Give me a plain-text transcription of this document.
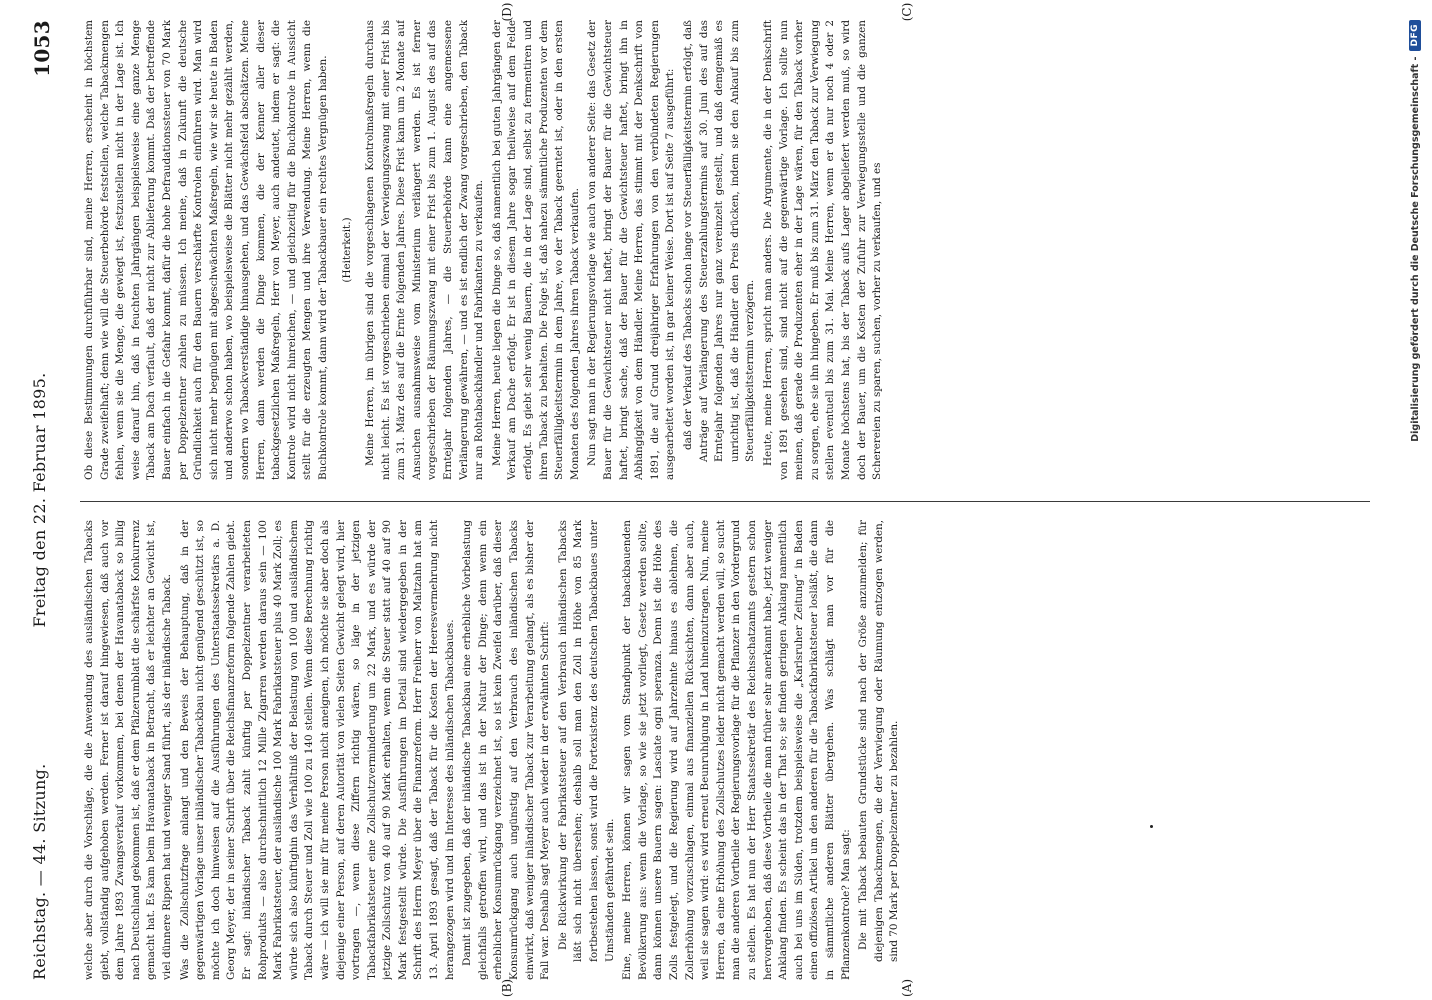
Reichstag. — 44. Sitzung.
Freitag den 22. Februar 1895.
1053

welche aber durch die Vorschläge, die die Anwendung des ausländischen Tabacks giebt, vollständig aufgehoben werden. Ferner ist darauf hingewiesen, daß auch vor dem Jahre 1893 Zwangsverkauf vorkommen, bei denen der Havanataback so billig nach Deutschland gekommen ist, daß er dem Pfälzerumblatt die schärfste Konkurrenz gemacht hat. Es kam beim Havanataback in Betracht, daß er leichter an Gewicht ist, viel dünnere Rippen hat und weniger Sand führt, als der inländische Taback. Was die Zollschutzfrage anlangt und den Beweis der Behauptung, daß in der gegenwärtigen Vorlage unser inländischer Tabackbau nicht genügend geschützt ist, so möchte ich doch hinweisen auf die Ausführungen des Unterstaatssekretärs a. D. Georg Meyer, der in seiner Schrift über die Reichsfinanzreform folgende Zahlen giebt. Er sagt: inländischer Taback zahlt künftig per Doppelzentner verarbeiteten Rohprodukts — also durchschnittlich 12 Mille Zigarren werden daraus sein — 100 Mark Fabrikatsteuer, der ausländische 100 Mark Fabrikatsteuer plus 40 Mark Zoll; es würde sich also künftighin das Verhältniß der Belastung von 100 und ausländischem Taback durch Steuer und Zoll wie 100 zu 140 stellen. Wenn diese Berechnung richtig wäre — ich will sie mir für meine Person nicht aneignen, ich möchte sie aber doch als diejenige einer Person, auf deren Autorität von vielen Seiten Gewicht gelegt wird, hier vortragen —, wenn diese Ziffern richtig wären, so läge in der jetzigen Tabackfabrikatsteuer eine Zollschutzverminderung um 22 Mark, und es würde der jetzige Zollschutz von 40 auf 90 Mark erhalten, wenn die Steuer statt auf 40 auf 90 Mark festgestellt würde. Die Ausführungen im Detail sind wiedergegeben in der Schrift des Herrn Meyer über die Finanzreform. Herr Freiherr von Maltzahn hat am 13. April 1893 gesagt, daß der Taback für die Kosten der Heeresvermehrung nicht herangezogen wird und im Interesse des inländischen Tabackbaues. Damit ist zugegeben, daß der inländische Tabackbau eine erhebliche Vorbelastung gleichfalls getroffen wird, und das ist in der Natur der Dinge; denn wenn ein erheblicher Konsumrückgang verzeichnet ist, so ist kein Zweifel darüber, daß dieser Konsumrückgang auch ungünstig auf den Verbrauch des inländischen Tabacks einwirkt, daß weniger inländischer Taback zur Verarbeitung gelangt, als es bisher der Fall war. Deshalb sagt Meyer auch wieder in der erwähnten Schrift: Die Rückwirkung der Fabrikatsteuer auf den Verbrauch inländischen Tabacks läßt sich nicht übersehen; deshalb soll man den Zoll in Höhe von 85 Mark fortbestehen lassen, sonst wird die Fortexistenz des deutschen Tabackbaues unter Umständen gefährdet sein. Eine, meine Herren, können wir sagen vom Standpunkt der tabackbauenden Bevölkerung aus: wenn die Vorlage, so wie sie jetzt vorliegt, Gesetz werden sollte, dann können unsere Bauern sagen: Lasciate ogni speranza. Denn ist die Höhe des Zolls festgelegt, und die Regierung wird auf Jahrzehnte hinaus es ablehnen, die Zollerhöhung vorzuschlagen, einmal aus finanziellen Rücksichten, dann aber auch, weil sie sagen wird: es wird erneut Beunruhigung in Land hineinzutragen. Nun, meine Herren, da eine Erhöhung des Zollschutzes leider nicht gemacht werden will, so sucht man die anderen Vortheile der Regierungsvorlage für die Pflanzer in den Vordergrund zu stellen. Es hat nun der Herr Staatssekretär des Reichsschatzamts gestern schon hervorgehoben, daß diese Vortheile die man früher sehr anerkannt habe, jetzt weniger Anklang finden. Es scheint das in der That so; sie finden geringen Anklang namentlich auch bei uns im Süden, trotzdem beispielsweise die „Karlsruher Zeitung“ in Baden einen offiziösen Artikel um den anderen für die Tabackfabrikatsteuer losläßt, die dann in sämmtliche anderen Blätter übergehen. Was schlägt man vor für die Pflanzenkontrole? Man sagt: Die mit Taback bebauten Grundstücke sind nach der Größe anzumelden; für diejenigen Tabackmengen, die der Verwiegung oder Räumung entzogen werden, sind 70 Mark per Doppelzentner zu bezahlen.

Ob diese Bestimmungen durchführbar sind, meine Herren, erscheint in höchstem Grade zweifelhaft; denn wie will die Steuerbehörde feststellen, welche Tabackmengen fehlen, wenn sie die Menge, die gewiegt ist, festzustellen nicht in der Lage ist. Ich weise darauf hin, daß in feuchten Jahrgängen beispielsweise eine ganze Menge Taback am Dach verfault, daß der nicht zur Ablieferung kommt. Daß der betreffende Bauer einfach in die Gefahr kommt, dafür die hohe Defraudationssteuer von 70 Mark per Doppelzentner zahlen zu müssen. Ich meine, daß in Zukunft die deutsche Gründlichkeit auch für den Bauern verschärfte Kontrolen einführen wird. Man wird sich nicht mehr begnügen mit abgeschwächten Maßregeln, wie wir sie heute in Baden und anderwo schon haben, wo beispielsweise die Blätter nicht mehr gezählt werden, sondern wo Tabackverständige hinausgehen, und das Gewächsfeld abschätzen. Meine Herren, dann werden die Dinge kommen, die der Kenner aller dieser tabackgesetzlichen Maßregeln, Herr von Meyer, auch andeutet, indem er sagt: die Kontrole wird nicht hinreichen, — und gleichzeitig für die Buchkontrole in Aussicht stellt für die erzeugten Mengen und ihre Verwendung. Meine Herren, wenn die Buchkontrole kommt, dann wird der Tabackbauer ein rechtes Vergnügen haben. (Heiterkeit.) Meine Herren, im übrigen sind die vorgeschlagenen Kontrolmaßregeln durchaus nicht leicht. Es ist vorgeschrieben einmal der Verwiegungszwang mit einer Frist bis zum 31. März des auf die Ernte folgenden Jahres. Diese Frist kann um 2 Monate auf Ansuchen ausnahmsweise vom Ministerium verlängert werden. Es ist ferner vorgeschrieben der Räumungszwang mit einer Frist bis zum 1. August des auf das Erntejahr folgenden Jahres, — die Steuerbehörde kann eine angemessene Verlängerung gewähren, — und es ist endlich der Zwang vorgeschrieben, den Taback nur an Rohtabackhändler und Fabrikanten zu verkaufen. Meine Herren, heute liegen die Dinge so, daß namentlich bei guten Jahrgängen der Verkauf am Dache erfolgt. Er ist in diesem Jahre sogar theilweise auf dem Felde erfolgt. Es giebt sehr wenig Bauern, die in der Lage sind, selbst zu fermentiren und ihren Taback zu behalten. Die Folge ist, daß nahezu sämmtliche Produzenten vor dem Steuerfälligkeitstermin in dem Jahre, wo der Taback geerntet ist, oder in den ersten Monaten des folgenden Jahres ihren Taback verkaufen. Nun sagt man in der Regierungsvorlage wie auch von anderer Seite: das Gesetz der Bauer für die Gewichtsteuer nicht haftet, bringt der Bauer für die Gewichtsteuer haftet, bringt sache, daß der Bauer für die Gewichtsteuer haftet, bringt ihn in Abhängigkeit von dem Händler. Meine Herren, das stimmt mit der Denkschrift von 1891, die auf Grund dreijähriger Erfahrungen von den verbündeten Regierungen ausgearbeitet worden ist, in gar keiner Weise. Dort ist auf Seite 7 ausgeführt: daß der Verkauf des Tabacks schon lange vor Steuerfälligkeitstermin erfolgt, daß Anträge auf Verlängerung des Steuerzahlungstermins auf 30. Juni des auf das Erntejahr folgenden Jahres nur ganz vereinzelt gestellt, und daß demgemäß es unrichtig ist, daß die Händler den Preis drücken, indem sie den Ankauf bis zum Steuerfälligkeitstermin verzögern. Heute, meine Herren, spricht man anders. Die Argumente, die in der Denkschrift von 1891 gesehen sind, sind nicht auf die gegenwärtige Vorlage. Ich sollte nun meinen, daß gerade die Produzenten eher in der Lage wären, für den Taback vorher zu sorgen, ehe sie ihn hingeben. Er muß bis zum 31. März den Taback zur Verwiegung stellen eventuell bis zum 31. Mai. Meine Herren, wenn er da nur noch 4 oder 2 Monate höchstens hat, bis der Taback aufs Lager abgeliefert werden muß, so wird doch der Bauer, um die Kosten der Zufuhr zur Verwiegungsstelle und die ganzen Scherereien zu sparen, suchen, vorher zu verkaufen, und es

(A)
(B)
(C)
(D)
Digitalisierung gefördert durch die Deutsche Forschungsgemeinschaft -
DFG
